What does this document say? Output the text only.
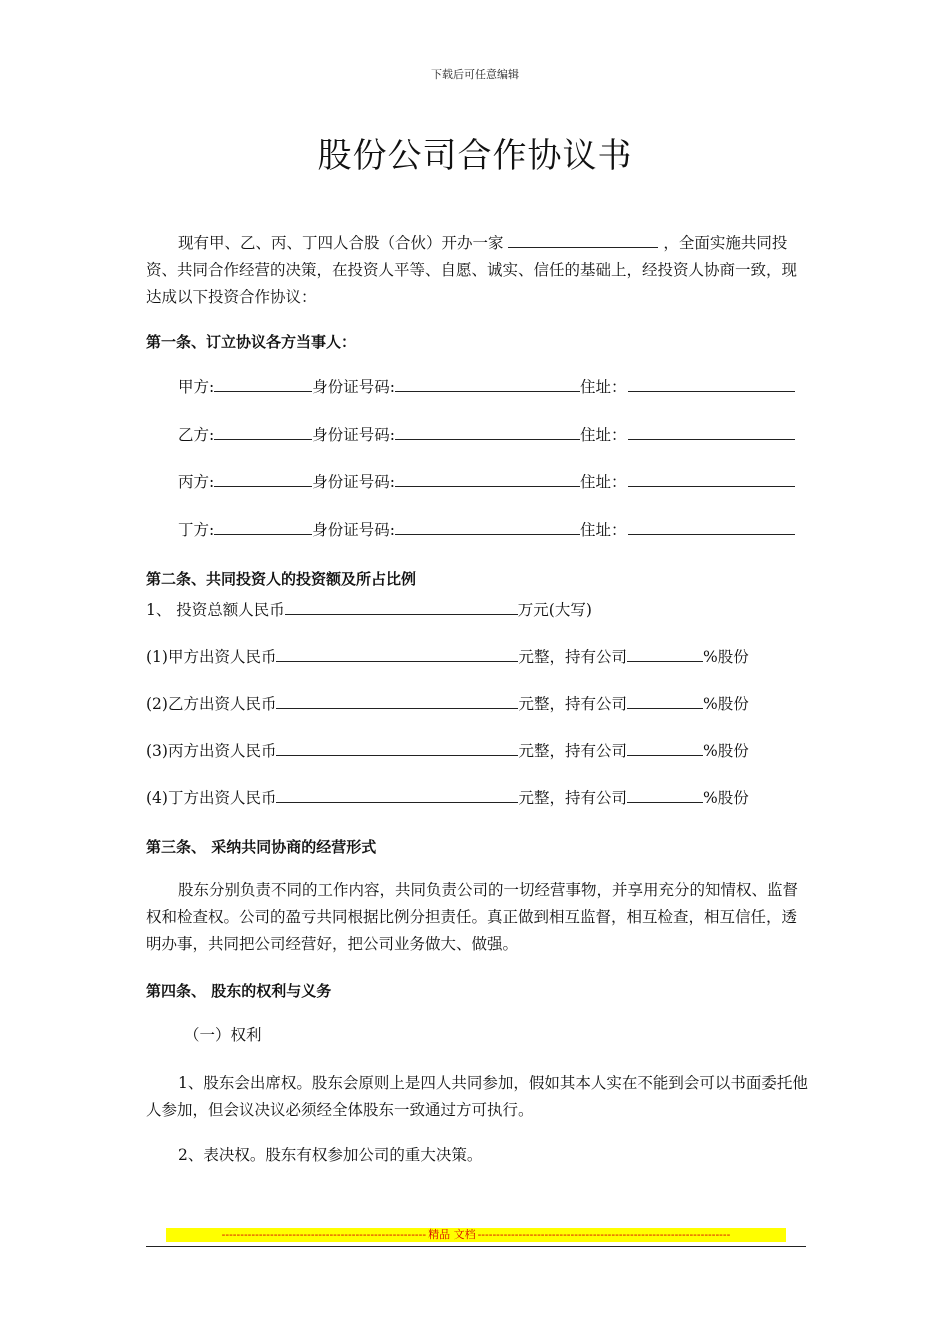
下载后可任意编辑
股份公司合作协议书

现有甲、乙、丙、丁四人合股（合伙）开办一家	，全面实施共同投资、共同合作经营的决策，在投资人平等、自愿、诚实、信任的基础上，经投资人协商一致，现达成以下投资合作协议：

第一条、订立协议各方当事人：
甲方:	身份证号码:	住址：
乙方:	身份证号码:	住址：
丙方:	身份证号码:	住址：
丁方:	身份证号码:	住址：
第二条、共同投资人的投资额及所占比例
1、 投资总额人民币	万元(大写)
(1)甲方出资人民币	元整，持有公司	%股份
(2)乙方出资人民币	元整，持有公司	%股份
(3)丙方出资人民币	元整，持有公司	%股份
(4)丁方出资人民币	元整，持有公司	%股份
第三条、 采纳共同协商的经营形式

股东分别负责不同的工作内容，共同负责公司的一切经营事物，并享用充分的知情权、监督权和检查权。公司的盈亏共同根据比例分担责任。真正做到相互监督，相互检查，相互信任，透明办事，共同把公司经营好，把公司业务做大、做强。

第四条、 股东的权利与义务

（一）权利

1、股东会出席权。股东会原则上是四人共同参加，假如其本人实在不能到会可以书面委托他人参加，但会议决议必须经全体股东一致通过方可执行。

2、表决权。股东有权参加公司的重大决策。

------------------------------------------------------- 精品 文档 --------------------------------------------------------------------
